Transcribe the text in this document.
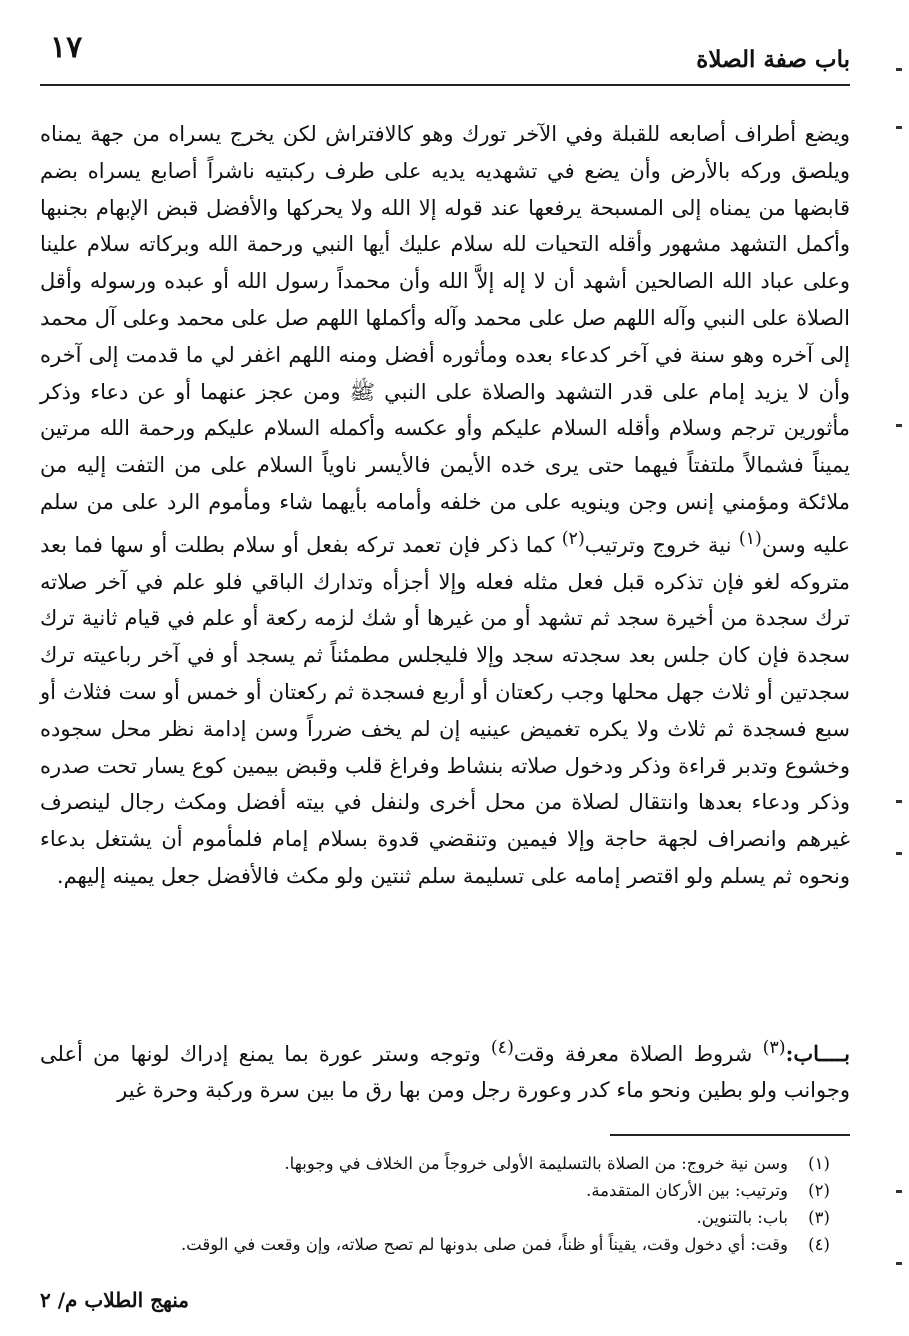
١٧	باب صفة الصلاة

ويضع أطراف أصابعه للقبلة وفي الآخر تورك وهو كالافتراش لكن يخرج يسراه من جهة يمناه ويلصق وركه بالأرض وأن يضع في تشهديه يديه على طرف ركبتيه ناشراً أصابع يسراه بضم قابضها من يمناه إلى المسبحة يرفعها عند قوله إلا الله ولا يحركها والأفضل قبض الإبهام بجنبها وأكمل التشهد مشهور وأقله التحيات لله سلام عليك أيها النبي ورحمة الله وبركاته سلام علينا وعلى عباد الله الصالحين أشهد أن لا إله إلاَّ الله وأن محمداً رسول الله أو عبده ورسوله وأقل الصلاة على النبي وآله اللهم صل على محمد وآله وأكملها اللهم صل على محمد وعلى آل محمد إلى آخره وهو سنة في آخر كدعاء بعده ومأثوره أفضل ومنه اللهم اغفر لي ما قدمت إلى آخره وأن لا يزيد إمام على قدر التشهد والصلاة على النبي ﷺ ومن عجز عنهما أو عن دعاء وذكر مأثورين ترجم وسلام وأقله السلام عليكم وأو عكسه وأكمله السلام عليكم ورحمة الله مرتين يميناً فشمالاً ملتفتاً فيهما حتى يرى خده الأيمن فالأيسر ناوياً السلام على من التفت إليه من ملائكة ومؤمني إنس وجن وينويه على من خلفه وأمامه بأيهما شاء ومأموم الرد على من سلم عليه وسن$^{(١)}$ نية خروج وترتيب$^{(٢)}$ كما ذكر فإن تعمد تركه بفعل أو سلام بطلت أو سها فما بعد متروكه لغو فإن تذكره قبل فعل مثله فعله وإلا أجزأه وتدارك الباقي فلو علم في آخر صلاته ترك سجدة من أخيرة سجد ثم تشهد أو من غيرها أو شك لزمه ركعة أو علم في قيام ثانية ترك سجدة فإن كان جلس بعد سجدته سجد وإلا فليجلس مطمئناً ثم يسجد أو في آخر رباعيته ترك سجدتين أو ثلاث جهل محلها وجب ركعتان أو أربع فسجدة ثم ركعتان أو خمس أو ست فثلاث أو سبع فسجدة ثم ثلاث ولا يكره تغميض عينيه إن لم يخف ضرراً وسن إدامة نظر محل سجوده وخشوع وتدبر قراءة وذكر ودخول صلاته بنشاط وفراغ قلب وقبض بيمين كوع يسار تحت صدره وذكر ودعاء بعدها وانتقال لصلاة من محل أخرى ولنفل في بيته أفضل ومكث رجال لينصرف غيرهم وانصراف لجهة حاجة وإلا فيمين وتنقضي قدوة بسلام إمام فلمأموم أن يشتغل بدعاء ونحوه ثم يسلم ولو اقتصر إمامه على تسليمة سلم ثنتين ولو مكث فالأفضل جعل يمينه إليهم.

بــــاب:$^{(٣)}$ شروط الصلاة معرفة وقت$^{(٤)}$ وتوجه وستر عورة بما يمنع إدراك لونها من أعلى وجوانب ولو بطين ونحو ماء كدر وعورة رجل ومن بها رق ما بين سرة وركبة وحرة غير
(١)
وسن نية خروج: من الصلاة بالتسليمة الأولى خروجاً من الخلاف في وجوبها.
(٢)
وترتيب: بين الأركان المتقدمة.
(٣)
باب: بالتنوين.
(٤)
وقت: أي دخول وقت، يقيناً أو ظناً، فمن صلى بدونها لم تصح صلاته، وإن وقعت في الوقت.
منهج الطلاب م/ ٢
